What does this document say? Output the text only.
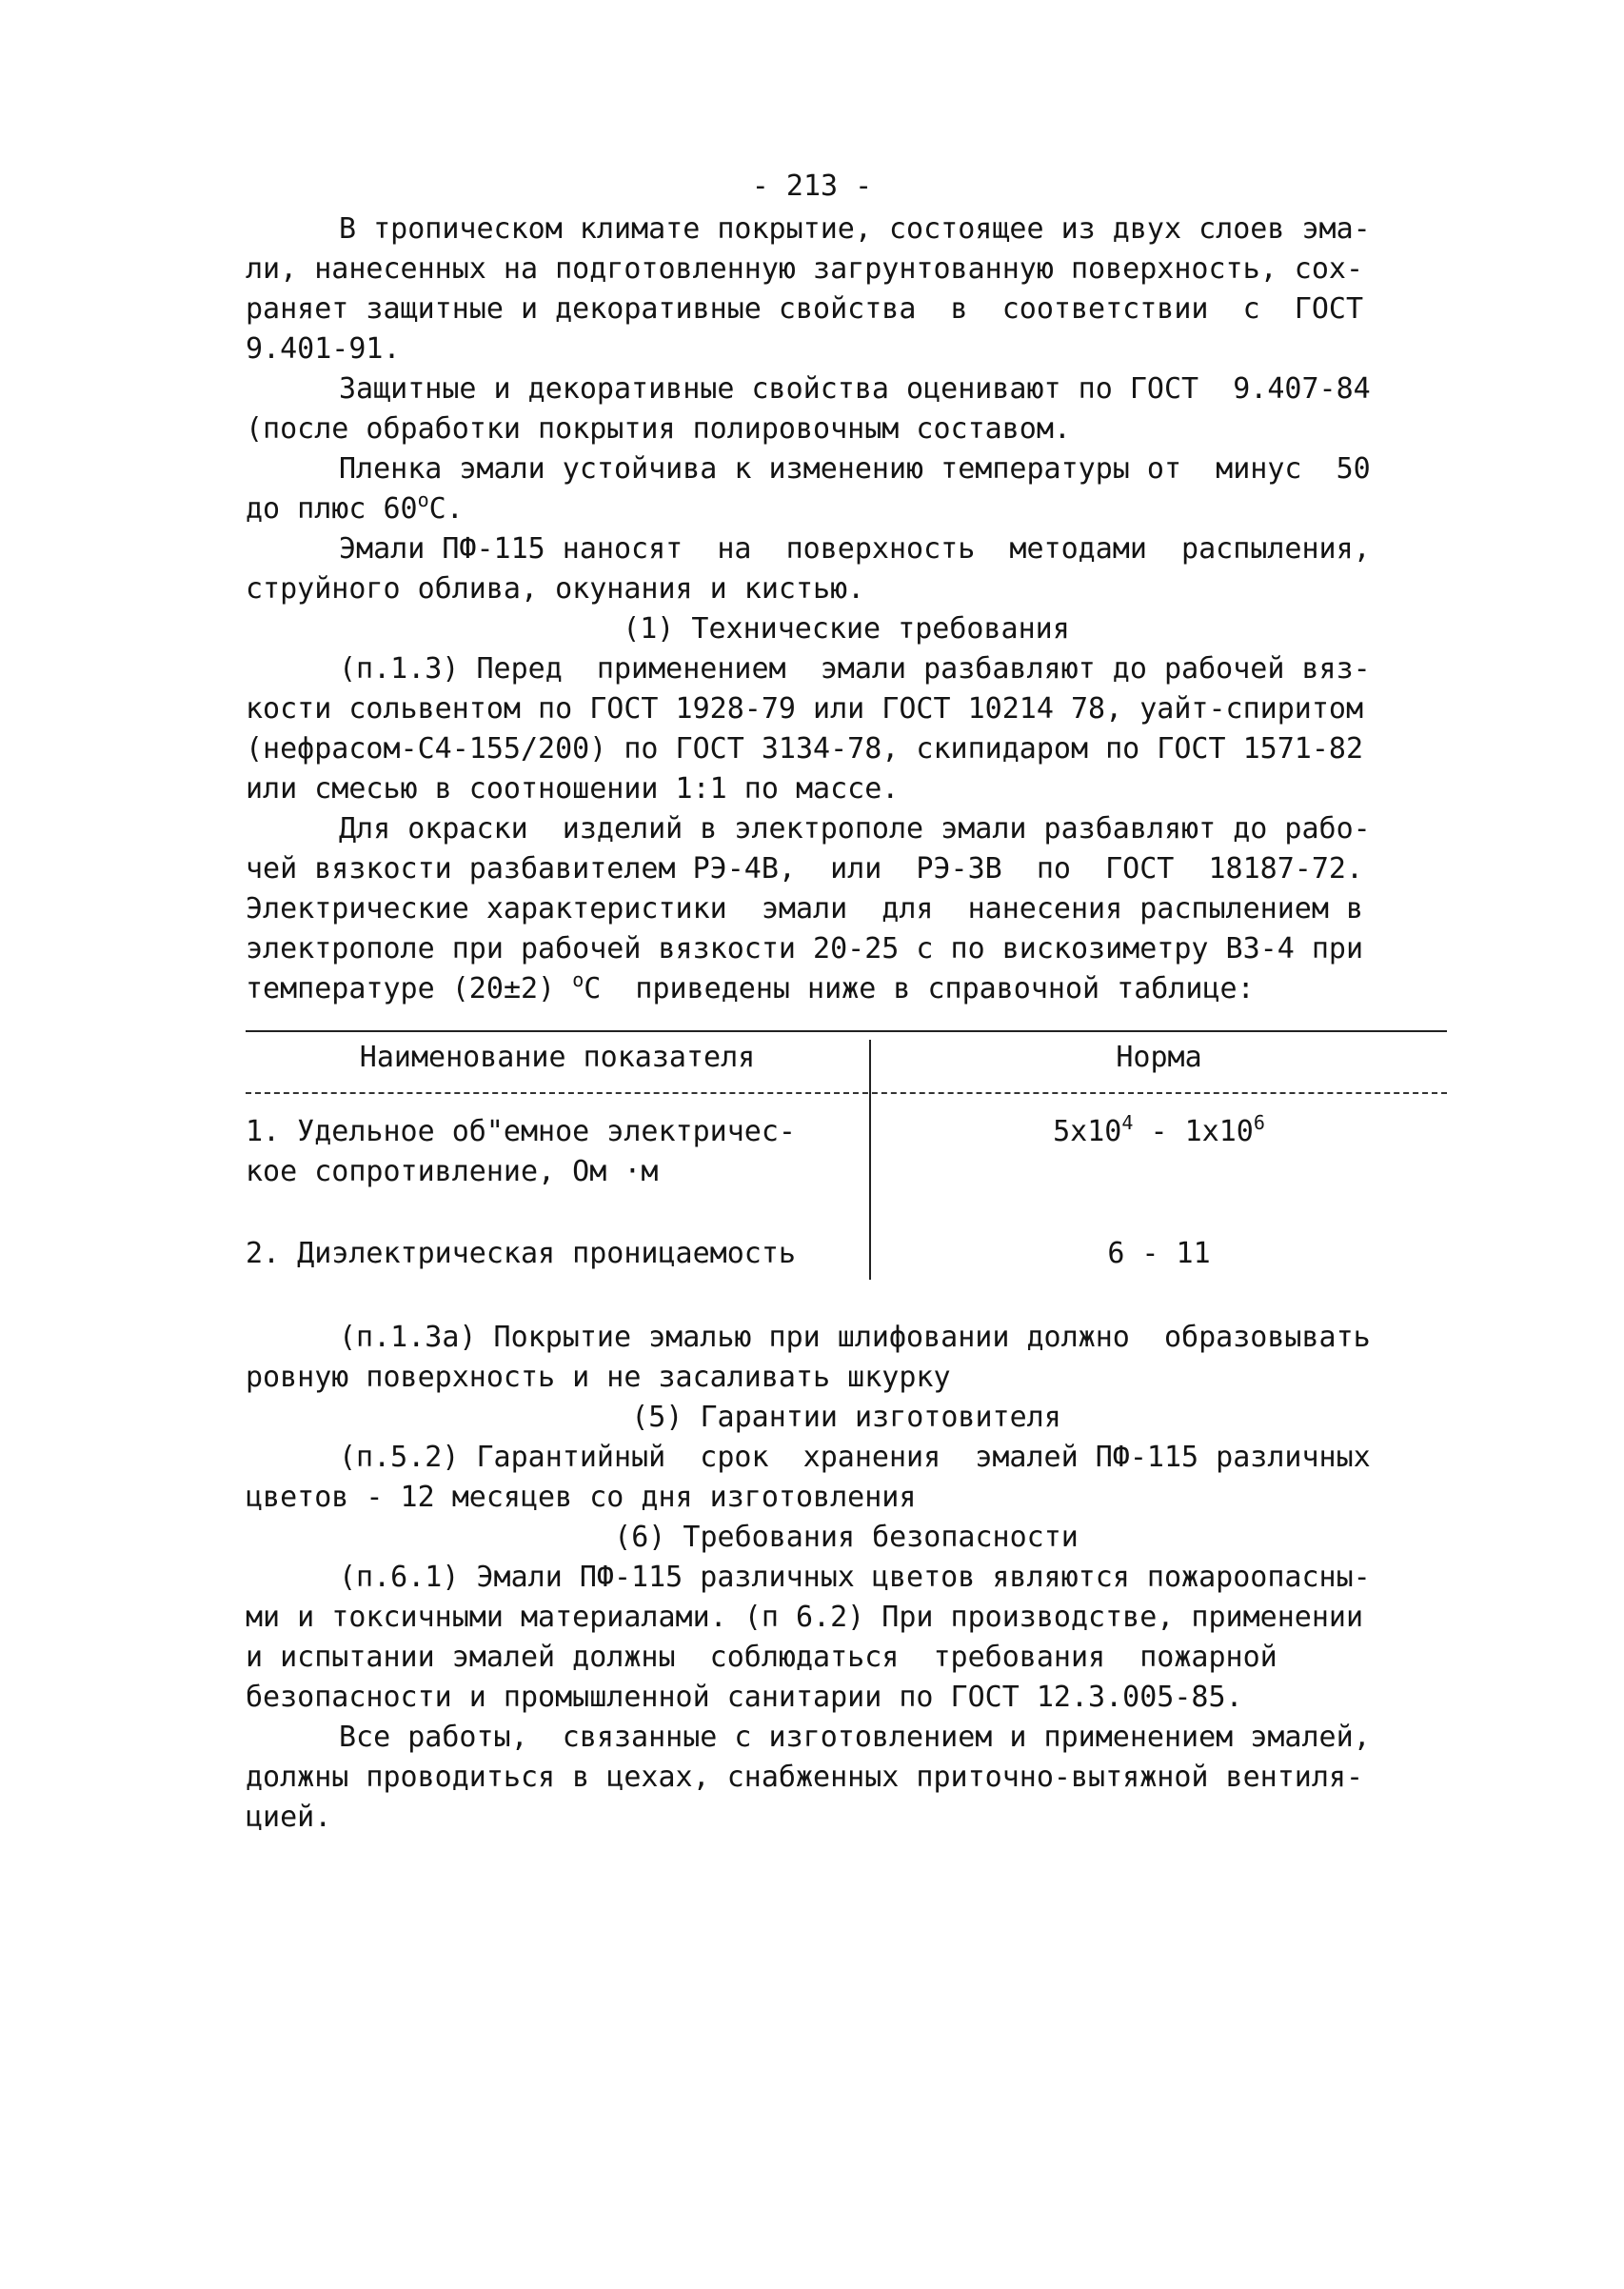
- 213 -
В тропическом климате покрытие, состоящее из двух слоев эма-
ли, нанесенных на подготовленную загрунтованную поверхность, сох-
раняет защитные и декоративные свойства  в  соответствии  с  ГОСТ
9.401-91.
Защитные и декоративные свойства оценивают по ГОСТ  9.407-84
(после обработки покрытия полировочным составом.
Пленка эмали устойчива к изменению температуры от  минус  50
до плюс $60^оС$.
Эмали ПФ-115 наносят  на  поверхность  методами  распыления,
струйного облива, окунания и кистью.
(1) Технические требования
(п.1.3) Перед  применением  эмали разбавляют до рабочей вяз-
кости сольвентом по ГОСТ 1928-79 или ГОСТ 10214 78, уайт-спиритом
(нефрасом-С4-155/200) по ГОСТ 3134-78, скипидаром по ГОСТ 1571-82
или смесью в соотношении 1:1 по массе.
Для окраски  изделий в электрополе эмали разбавляют до рабо-
чей вязкости разбавителем РЭ-4В,  или  РЭ-3В  по  ГОСТ  18187-72.
Электрические характеристики  эмали  для  нанесения распылением в
электрополе при рабочей вязкости 20-25 с по вискозиметру ВЗ-4 при
температуре (20±2) $^о$С  приведены ниже в справочной таблице:
Наименование показателя	Норма
1. Удельное об"емное электричес-
кое сопротивление, Ом ·м
$5x10^4 - 1x10^6$
2. Диэлектрическая проницаемость	6 - 11
(п.1.3а) Покрытие эмалью при шлифовании должно  образовывать
ровную поверхность и не засаливать шкурку
(5) Гарантии изготовителя
(п.5.2) Гарантийный  срок  хранения  эмалей ПФ-115 различных
цветов - 12 месяцев со дня изготовления
(6) Требования безопасности
(п.6.1) Эмали ПФ-115 различных цветов являются пожароопасны-
ми и токсичными материалами. (п 6.2) При производстве, применении
и испытании эмалей должны  соблюдаться  требования  пожарной
безопасности и промышленной санитарии по ГОСТ 12.3.005-85.
Все работы,  связанные с изготовлением и применением эмалей,
должны проводиться в цехах, снабженных приточно-вытяжной вентиля-
цией.
